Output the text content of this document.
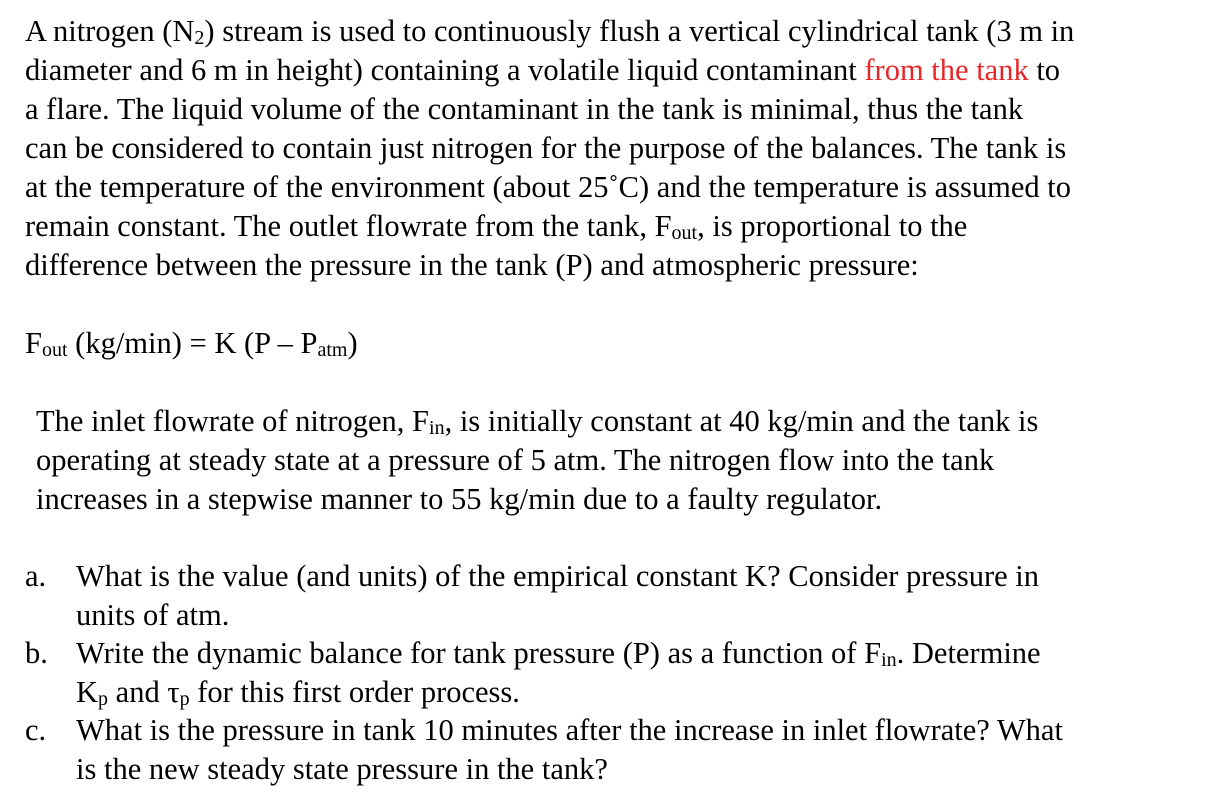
A nitrogen (N2) stream is used to continuously flush a vertical cylindrical tank (3 m in
diameter and 6 m in height) containing a volatile liquid contaminant from the tank to
a flare. The liquid volume of the contaminant in the tank is minimal, thus the tank
can be considered to contain just nitrogen for the purpose of the balances. The tank is
at the temperature of the environment (about 25˚C) and the temperature is assumed to
remain constant. The outlet flowrate from the tank, Fout, is proportional to the
difference between the pressure in the tank (P) and atmospheric pressure:
Fout (kg/min) = K (P – Patm)
The inlet flowrate of nitrogen, Fin, is initially constant at 40 kg/min and the tank is
operating at steady state at a pressure of 5 atm. The nitrogen flow into the tank
increases in a stepwise manner to 55 kg/min due to a faulty regulator.
a. What is the value (and units) of the empirical constant K? Consider pressure in
units of atm.
b. Write the dynamic balance for tank pressure (P) as a function of Fin. Determine
Kp and τp for this first order process.
c. What is the pressure in tank 10 minutes after the increase in inlet flowrate? What
is the new steady state pressure in the tank?
